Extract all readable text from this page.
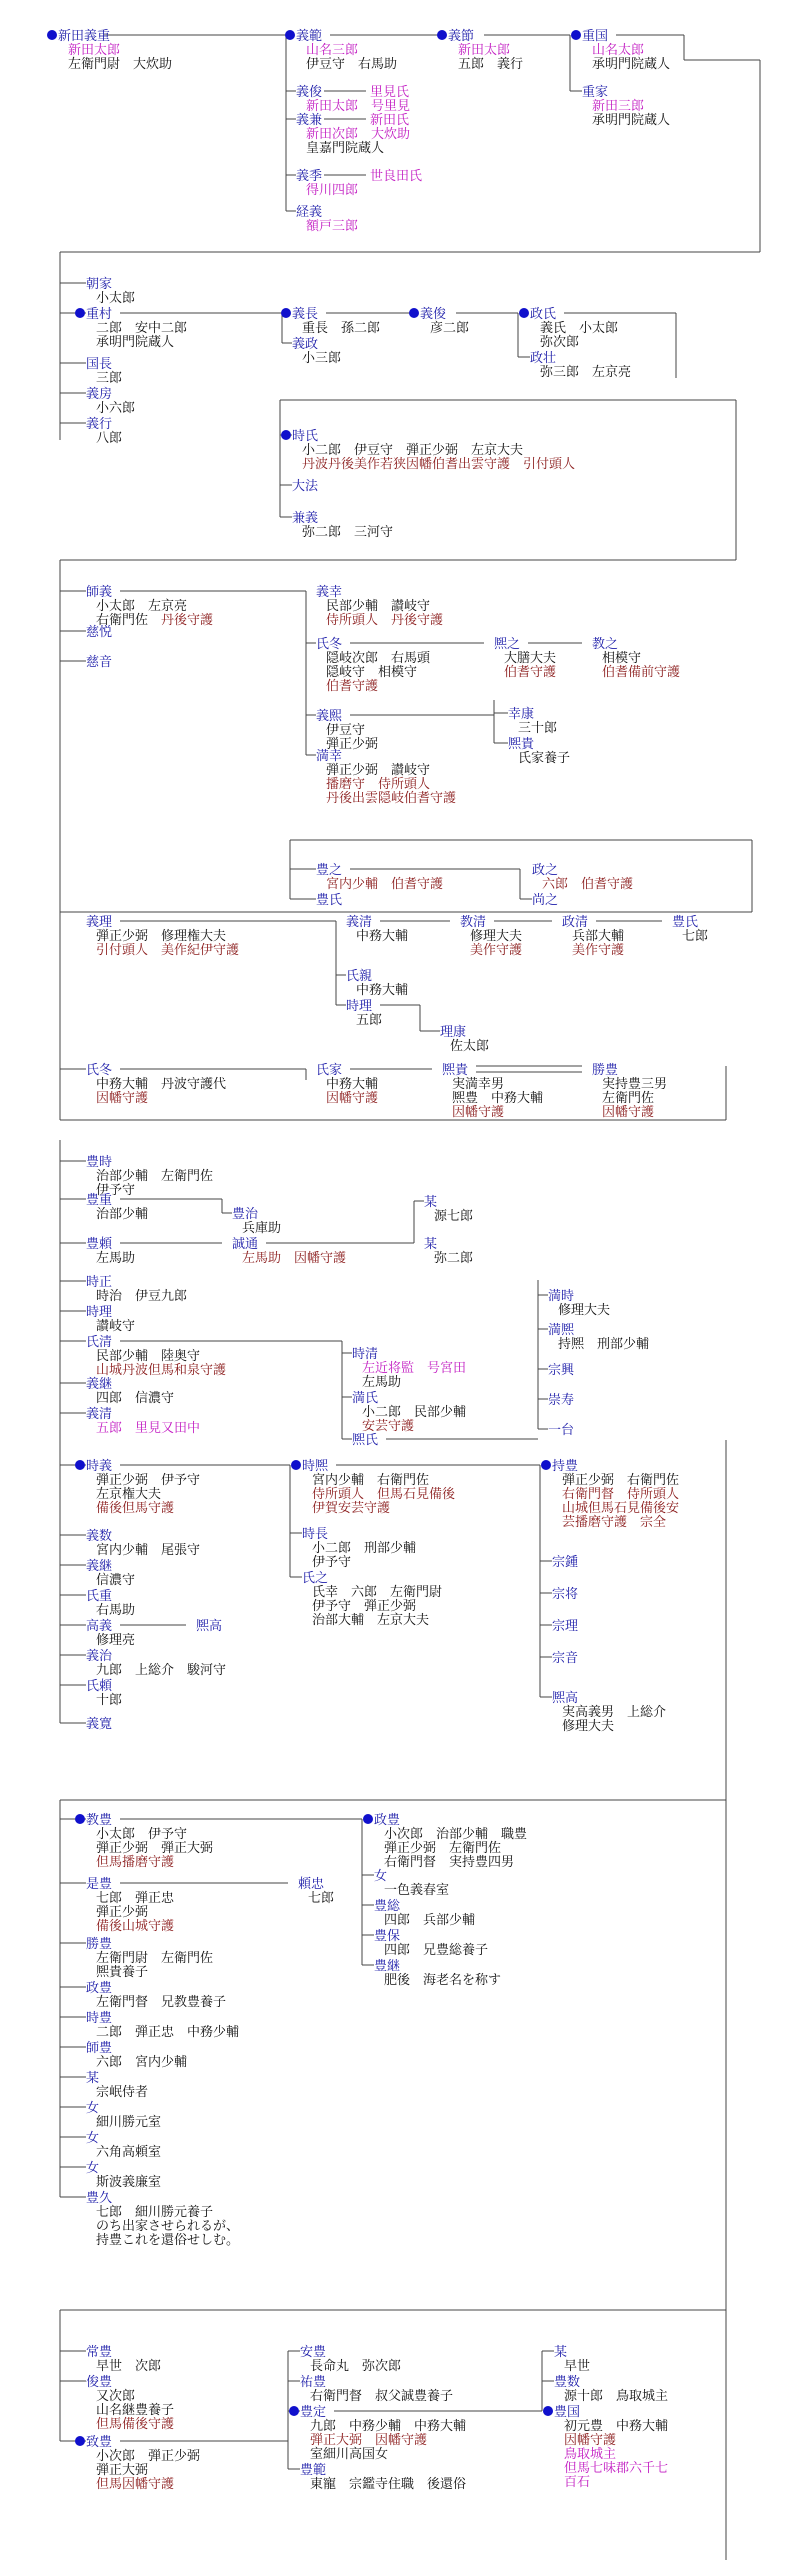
新田義重
新田太郎
左衛門尉　大炊助
義範
山名三郎
伊豆守　右馬助
義俊	里見氏
新田太郎　号里見
義兼	新田氏
新田次郎　大炊助
皇嘉門院蔵人
義季	世良田氏
得川四郎
経義
額戸三郎
義節
新田太郎
五郎　義行
重国
山名太郎
承明門院蔵人
重家
新田三郎
承明門院蔵人
朝家
小太郎
重村
二郎　安中二郎
承明門院蔵人
国長
三郎
義房
小六郎
義行
八郎
義長
重長　孫二郎
義政
小三郎
義俊
彦二郎
政氏
義氏　小太郎
弥次郎
政壮
弥三郎　左京亮
時氏
小二郎　伊豆守　弾正少弼　左京大夫
丹波丹後美作若狭因幡伯耆出雲守護　引付頭人
大法
兼義
弥二郎　三河守
師義
小太郎　左京亮
右衛門佐　丹後守護
慈悦
慈音
義幸
民部少輔　讃岐守
侍所頭人　丹後守護
氏冬
隠岐次郎　右馬頭
隠岐守　相模守
伯耆守護
熈之
大膳大夫
伯耆守護
教之
相模守
伯耆備前守護
義熙
伊豆守
弾正少弼
幸康
三十郎
熈貴
氏家養子
満幸
弾正少弼　讃岐守
播磨守　侍所頭人
丹後出雲隠岐伯耆守護
豊之
宮内少輔　伯耆守護
政之
六郎　伯耆守護
豊氏	尚之
義理
弾正少弼　修理権大夫
引付頭人　美作紀伊守護
義清
中務大輔
教清
修理大夫
美作守護
政清
兵部大輔
美作守護
豊氏
七郎
氏親
中務大輔
時理
五郎
理康
佐太郎
氏冬
中務大輔　丹波守護代
因幡守護
氏家
中務大輔
因幡守護
熈貴
実満幸男
熈豊　中務大輔
因幡守護
勝豊
実持豊三男
左衛門佐
因幡守護
豊時
治部少輔　左衛門佐
伊予守
豊重
治部少輔	豊治
兵庫助
豊頼
左馬助
誠通
左馬助　因幡守護
某
源七郎
某
弥二郎
時正
時治　伊豆九郎
時理
讃岐守
氏清
民部少輔　陸奥守
山城丹波但馬和泉守護
義継
四郎　信濃守
義清
五郎　里見又田中
時清
左近将監　号宮田
左馬助
満氏
小二郎　民部少輔
安芸守護
熈氏
満時
修理大夫
満熈
持熈　刑部少輔
宗興
崇寿
一台
時義
弾正少弼　伊予守
左京権大夫
備後但馬守護
時熈
宮内少輔　右衛門佐
侍所頭人　但馬石見備後
伊賀安芸守護
持豊
弾正少弼　右衛門佐
右衛門督　侍所頭人
山城但馬石見備後安
芸播磨守護　宗全
義数
宮内少輔　尾張守
時長
小二郎　刑部少輔
伊予守
義継
信濃守
宗鍾
氏重
右馬助
氏之
氏幸　六郎　左衛門尉
伊予守　弾正少弼
治部大輔　左京大夫
宗将
高義
修理亮
熈高	宗理
義治
九郎　上総介　駿河守
宗音
氏頼
十郎	熈高
実高義男　上総介
修理大夫
義寛
教豊
小太郎　伊予守
弾正少弼　弾正大弼
但馬播磨守護
是豊
七郎　弾正忠
弾正少弼
備後山城守護
頼忠
七郎
勝豊
左衛門尉　左衛門佐
熈貴養子
政豊
左衛門督　兄教豊養子
時豊
二郎　弾正忠　中務少輔
師豊
六郎　宮内少輔
某
宗岷侍者
女
細川勝元室
女
六角高頼室
女
斯波義廉室
豊久
七郎　細川勝元養子
のち出家させられるが、
持豊これを還俗せしむ。
政豊
小次郎　治部少輔　職豊
弾正少弼　左衛門佐
右衛門督　実持豊四男
女
一色義春室
豊総
四郎　兵部少輔
豊保
四郎　兄豊総養子
豊継
肥後　海老名を称す
常豊
早世　次郎
俊豊
又次郎
山名継豊養子
但馬備後守護
致豊
小次郎　弾正少弼
弾正大弼
但馬因幡守護
安豊
長命丸　弥次郎
祐豊
右衛門督　叔父誠豊養子
豊定
九郎　中務少輔　中務大輔
弾正大弼　因幡守護
室細川高国女
豊範
東寵　宗鑑寺住職　後還俗
某
早世
豊数
源十郎　鳥取城主
豊国
初元豊　中務大輔
因幡守護
鳥取城主
但馬七味郡六千七
百石
